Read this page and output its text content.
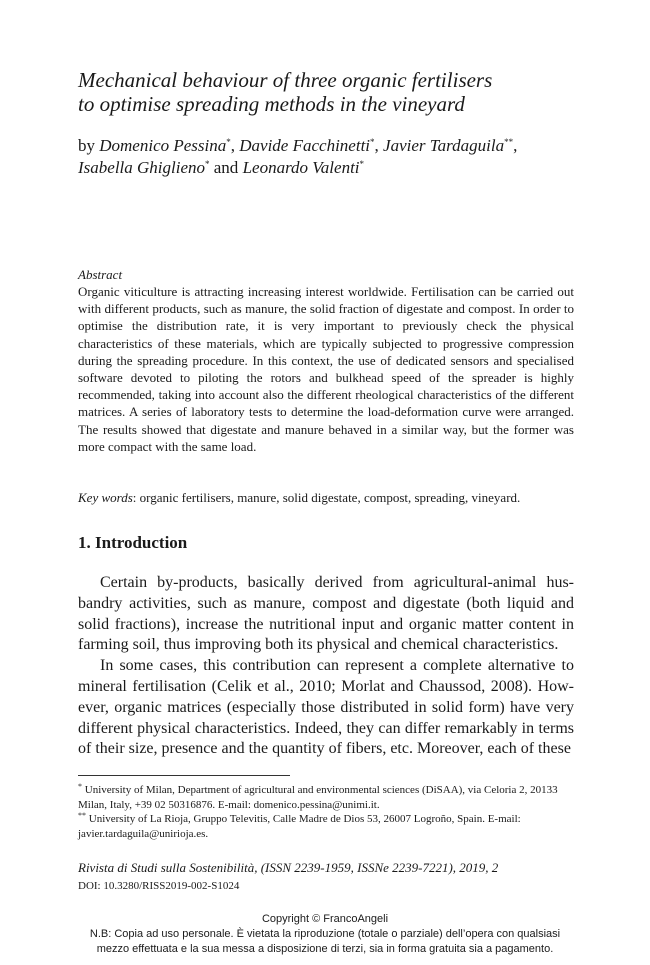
Mechanical behaviour of three organic fertilisers
to optimise spreading methods in the vineyard
by Domenico Pessina*, Davide Facchinetti*, Javier Tardaguila**,
Isabella Ghiglieno* and Leonardo Valenti*
Abstract
Organic viticulture is attracting increasing interest worldwide. Fertilisation can be carried out with different products, such as manure, the solid fraction of digestate and compost. In order to optimise the distribution rate, it is very important to previously check the physical characteristics of these materials, which are typically subjected to progressive compression during the spreading procedure. In this context, the use of dedicated sensors and specialised software devoted to piloting the rotors and bulkhead speed of the spreader is highly recommended, taking into account also the different rheological characteristics of the different matrices. A series of laboratory tests to determine the load-deformation curve were arranged. The results showed that digestate and manure behaved in a similar way, but the former was more compact with the same load.
Key words: organic fertilisers, manure, solid digestate, compost, spreading, vineyard.
1. Introduction

Certain by-products, basically derived from agricultural-animal husbandry activities, such as manure, compost and digestate (both liquid and solid fractions), increase the nutritional input and organic matter content in farming soil, thus improving both its physical and chemical characteristics.

In some cases, this contribution can represent a complete alternative to mineral fertilisation (Celik et al., 2010; Morlat and Chaussod, 2008). However, organic matrices (especially those distributed in solid form) have very different physical characteristics. Indeed, they can differ remarkably in terms of their size, presence and the quantity of fibers, etc. Moreover, each of these

* University of Milan, Department of agricultural and environmental sciences (DiSAA), via Celoria 2, 20133 Milan, Italy, +39 02 50316876. E-mail: domenico.pessina@unimi.it.

** University of La Rioja, Gruppo Televitis, Calle Madre de Dios 53, 26007 Logroño, Spain. E-mail: javier.tardaguila@unirioja.es.

Rivista di Studi sulla Sostenibilità, (ISSN 2239-1959, ISSNe 2239-7221), 2019, 2
DOI: 10.3280/RISS2019-002-S1024
Copyright © FrancoAngeli
N.B: Copia ad uso personale. È vietata la riproduzione (totale o parziale) dell’opera con qualsiasi
mezzo effettuata e la sua messa a disposizione di terzi, sia in forma gratuita sia a pagamento.
